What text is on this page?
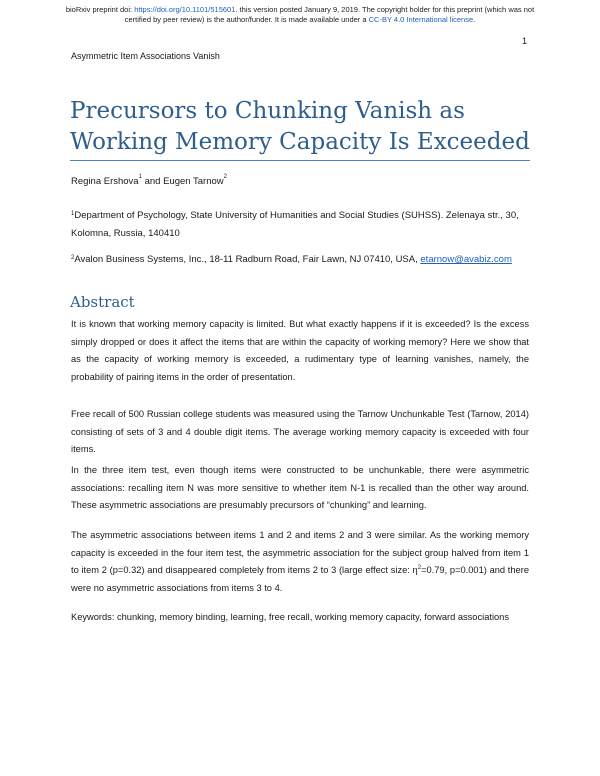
bioRxiv preprint doi: https://doi.org/10.1101/515601. this version posted January 9, 2019. The copyright holder for this preprint (which was not
certified by peer review) is the author/funder. It is made available under a CC-BY 4.0 International license.
1
Asymmetric Item Associations Vanish
Precursors to Chunking Vanish as
Working Memory Capacity Is Exceeded
Regina Ershova$^1$ and Eugen Tarnow$^2$
$^1$Department of Psychology, State University of Humanities and Social Studies (SUHSS). Zelenaya str., 30, Kolomna, Russia, 140410
$^2$Avalon Business Systems, Inc., 18-11 Radburn Road, Fair Lawn, NJ 07410, USA, etarnow@avabiz.com
Abstract
It is known that working memory capacity is limited. But what exactly happens if it is exceeded? Is the excess simply dropped or does it affect the items that are within the capacity of working memory? Here we show that as the capacity of working memory is exceeded, a rudimentary type of learning vanishes, namely, the probability of pairing items in the order of presentation.
Free recall of 500 Russian college students was measured using the Tarnow Unchunkable Test (Tarnow, 2014) consisting of sets of 3 and 4 double digit items. The average working memory capacity is exceeded with four items.
In the three item test, even though items were constructed to be unchunkable, there were asymmetric associations: recalling item N was more sensitive to whether item N-1 is recalled than the other way around. These asymmetric associations are presumably precursors of “chunking” and learning.
The asymmetric associations between items 1 and 2 and items 2 and 3 were similar. As the working memory capacity is exceeded in the four item test, the asymmetric association for the subject group halved from item 1 to item 2 (p=0.32) and disappeared completely from items 2 to 3 (large effect size: $\eta^2=0.79$, p=0.001) and there were no asymmetric associations from items 3 to 4.
Keywords: chunking, memory binding, learning, free recall, working memory capacity, forward associations
